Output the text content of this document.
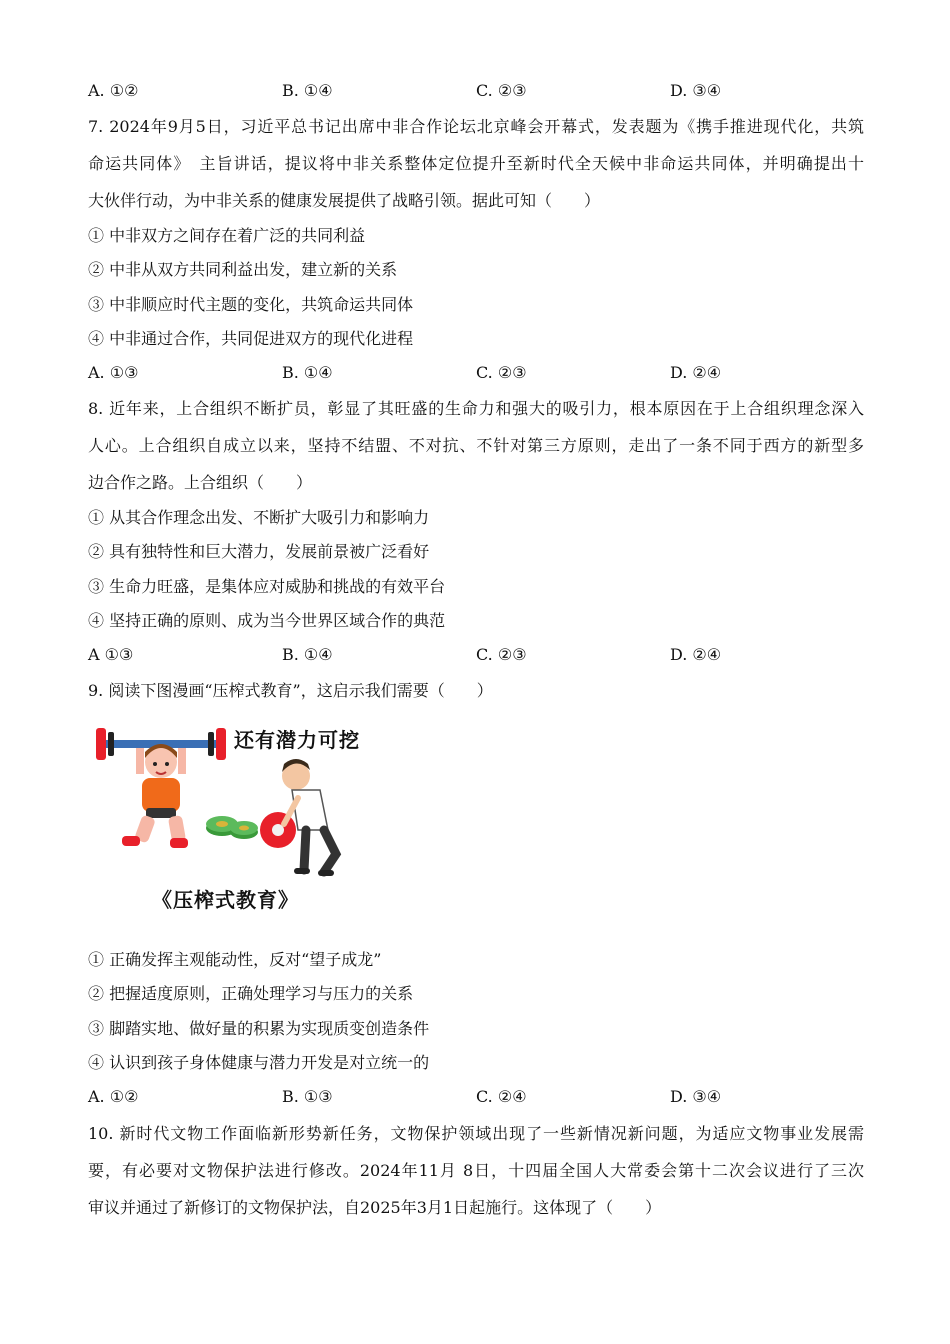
A. ①②	B. ①④	C. ②③	D. ③④
7. 2024年9月5日，习近平总书记出席中非合作论坛北京峰会开幕式，发表题为《携手推进现代化，共筑
命运共同体》　主旨讲话，提议将中非关系整体定位提升至新时代全天候中非命运共同体，并明确提出十
大伙伴行动，为中非关系的健康发展提供了战略引领。据此可知（　　）
① 中非双方之间存在着广泛的共同利益
② 中非从双方共同利益出发，建立新的关系
③ 中非顺应时代主题的变化，共筑命运共同体
④ 中非通过合作，共同促进双方的现代化进程
A. ①③	B. ①④	C. ②③	D. ②④
8. 近年来，上合组织不断扩员，彰显了其旺盛的生命力和强大的吸引力，根本原因在于上合组织理念深入
人心。上合组织自成立以来，坚持不结盟、不对抗、不针对第三方原则，走出了一条不同于西方的新型多
边合作之路。上合组织（　　）
① 从其合作理念出发、不断扩大吸引力和影响力
② 具有独特性和巨大潜力，发展前景被广泛看好
③ 生命力旺盛，是集体应对威胁和挑战的有效平台
④ 坚持正确的原则、成为当今世界区域合作的典范
A ①③	B. ①④	C. ②③	D. ②④
9. 阅读下图漫画“压榨式教育”，这启示我们需要（　　）
① 正确发挥主观能动性，反对“望子成龙”
② 把握适度原则，正确处理学习与压力的关系
③ 脚踏实地、做好量的积累为实现质变创造条件
④ 认识到孩子身体健康与潜力开发是对立统一的
A. ①②	B. ①③	C. ②④	D. ③④
10. 新时代文物工作面临新形势新任务，文物保护领域出现了一些新情况新问题，为适应文物事业发展需
要，有必要对文物保护法进行修改。2024年11月 8日，十四届全国人大常委会第十二次会议进行了三次
审议并通过了新修订的文物保护法，自2025年3月1日起施行。这体现了（　　）
还有潜力可挖
《压榨式教育》
